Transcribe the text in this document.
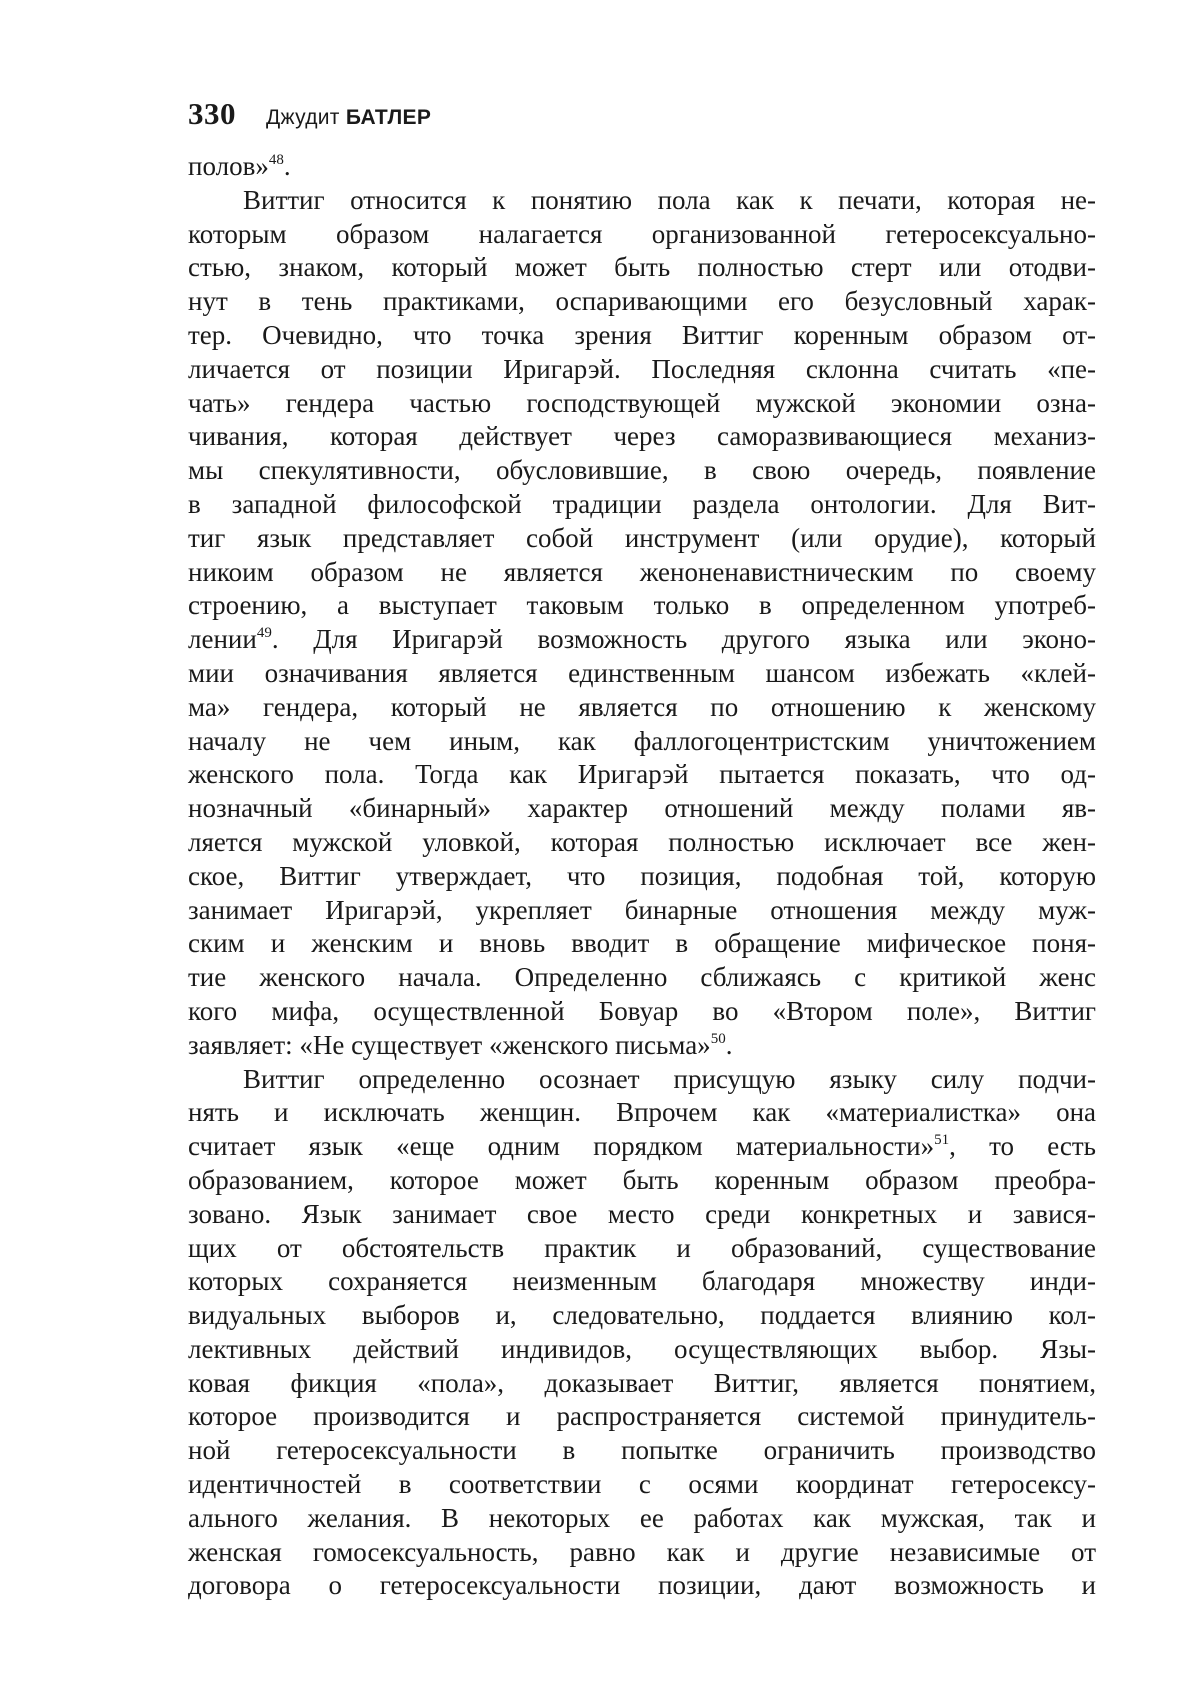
330 Джудит БАТЛЕР
полов»$^{48}$.
Виттиг относится к понятию пола как к печати, которая не-
которым образом налагается организованной гетеросексуально-
стью, знаком, который может быть полностью стерт или отодви-
нут в тень практиками, оспаривающими его безусловный харак-
тер. Очевидно, что точка зрения Виттиг коренным образом от-
личается от позиции Иригарэй. Последняя склонна считать «пе-
чать» гендера частью господствующей мужской экономии озна-
чивания, которая действует через саморазвивающиеся механиз-
мы спекулятивности, обусловившие, в свою очередь, появление
в западной философской традиции раздела онтологии. Для Вит-
тиг язык представляет собой инструмент (или орудие), который
никоим образом не является женоненавистническим по своему
строению, а выступает таковым только в определенном употреб-
лении$^{49}$. Для Иригарэй возможность другого языка или эконо-
мии означивания является единственным шансом избежать «клей-
ма» гендера, который не является по отношению к женскому
началу не чем иным, как фаллогоцентристским уничтожением
женского пола. Тогда как Иригарэй пытается показать, что од-
нозначный «бинарный» характер отношений между полами яв-
ляется мужской уловкой, которая полностью исключает все жен-
ское, Виттиг утверждает, что позиция, подобная той, которую
занимает Иригарэй, укрепляет бинарные отношения между муж-
ским и женским и вновь вводит в обращение мифическое поня-
тие женского начала. Определенно сближаясь с критикой женс
кого мифа, осуществленной Бовуар во «Втором поле», Виттиг
заявляет: «Не существует «женского письма»$^{50}$.
Виттиг определенно осознает присущую языку силу подчи-
нять и исключать женщин. Впрочем как «материалистка» она
считает язык «еще одним порядком материальности»$^{51}$, то есть
образованием, которое может быть коренным образом преобра-
зовано. Язык занимает свое место среди конкретных и завися-
щих от обстоятельств практик и образований, существование
которых сохраняется неизменным благодаря множеству инди-
видуальных выборов и, следовательно, поддается влиянию кол-
лективных действий индивидов, осуществляющих выбор. Язы-
ковая фикция «пола», доказывает Виттиг, является понятием,
которое производится и распространяется системой принудитель-
ной гетеросексуальности в попытке ограничить производство
идентичностей в соответствии с осями координат гетеросексу-
ального желания. В некоторых ее работах как мужская, так и
женская гомосексуальность, равно как и другие независимые от
договора о гетеросексуальности позиции, дают возможность и
